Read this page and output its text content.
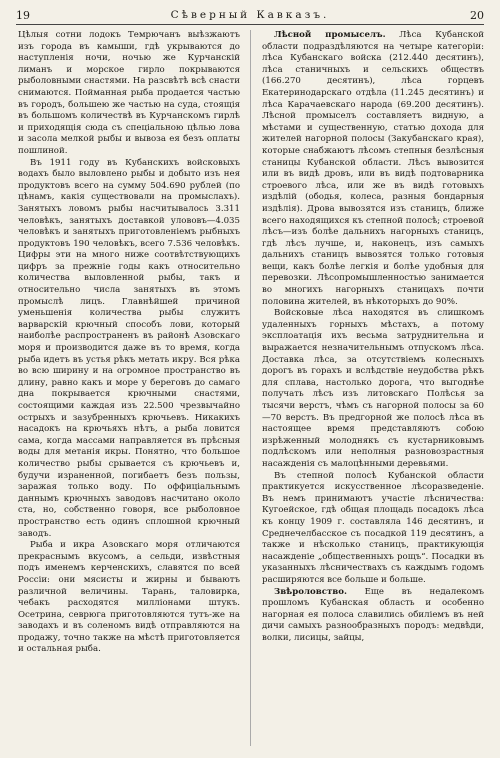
19	Сѣверный Кавказъ.	20

Цѣлыя сотни лодокъ Темрючанъ выѣзжаютъ изъ города въ камыши, гдѣ укрываются до наступленія ночи, ночью же Курчанскій лиманъ и морское гирло покрываются рыболовными снастями. На разсвѣтѣ всѣ снасти снимаются. Пойманная рыба продается частью въ городъ, большею же частью на суда, стоящія въ большомъ количествѣ въ Курчанскомъ гирлѣ и приходящія сюда съ спеціальною цѣлью лова и засола мелкой рыбы и вывоза ея безъ оплаты пошлиной.

Въ 1911 году въ Кубанскихъ войсковыхъ водахъ было выловлено рыбы и добыто изъ нея продуктовъ всего на сумму 504.690 рублей (по цѣнамъ, какія существовали на промыслахъ). Занятыхъ ловомъ рыбы насчитывалось 3.311 человѣкъ, занятыхъ доставкой улововъ—4.035 человѣкъ и занятыхъ приготовленіемъ рыбныхъ продуктовъ 190 человѣкъ, всего 7.536 человѣкъ. Цифры эти на много ниже соотвѣтствующихъ цифръ за прежніе годы какъ относительно количества выловленной рыбы, такъ и относительно числа занятыхъ въ этомъ промыслѣ лицъ. Главнѣйшей причиной уменьшенія количества рыбы служитъ варварскій крючный способъ лови, который наиболѣе распространенъ въ районѣ Азовскаго моря и производится даже въ то время, когда рыба идетъ въ устья рѣкъ метать икру. Вся рѣка во всю ширину и на огромное пространство въ длину, равно какъ и море у береговъ до самаго дна покрывается крючными снастями, состоящими каждая изъ 22.500 чрезвычайно острыхъ и зазубренныхъ крючьевъ. Никакихъ насадокъ на крючьяхъ нѣтъ, а рыба ловится сама, когда массами направляется въ прѣсныя воды для метанія икры. Понятно, что большое количество рыбы срывается съ крючьевъ и, будучи израненной, погибаетъ безъ пользы, заражая только воду. По оффиціальнымъ даннымъ крючныхъ заводовъ насчитано около ста, но, собственно говоря, все рыболовное пространство есть одинъ сплошной крючный заводъ.

Рыба и икра Азовскаго моря отличаются прекраснымъ вкусомъ, а сельди, извѣстныя подъ именемъ керченскихъ, славятся по всей Россіи: они мясисты и жирны и бываютъ различной величины. Тарань, таловирка, чебакъ расходятся милліонами штукъ. Осетрина, севрюга приготовляются тутъ-же на заводахъ и въ соленомъ видѣ отправляются на продажу, точно также на мѣстѣ приготовляется и остальная рыба.

Лѣсной промыселъ. Лѣса Кубанской области подраздѣляются на четыре категоріи: лѣса Кубанскаго войска (212.440 десятинъ), лѣса станичныхъ и сельскихъ обществъ (166.270 десятинъ), лѣса горцевъ Екатеринодарскаго отдѣла (11.245 десятинъ) и лѣса Карачаевскаго народа (69.200 десятинъ). Лѣсной промыселъ составляетъ видную, а мѣстами и существенную, статью дохода для жителей нагорной полосы (Закубанскаго края), которые снабжаютъ лѣсомъ степныя безлѣсныя станицы Кубанской области. Лѣсъ вывозится или въ видѣ дровъ, или въ видѣ подтоварника строевого лѣса, или же въ видѣ готовыхъ издѣлій (ободья, колеса, разныя бондарныя издѣлія). Дрова вывозятся изъ станицъ, ближе всего находящихся къ степной полосѣ; строевой лѣсъ—изъ болѣе дальнихъ нагорныхъ станицъ, гдѣ лѣсъ лучше, и, наконецъ, изъ самыхъ дальнихъ станицъ вывозятся только готовыя вещи, какъ болѣе легкія и болѣе удобныя для перевозки. Лѣсопромышленностью занимается во многихъ нагорныхъ станицахъ почти половина жителей, въ нѣкоторыхъ до 90%.

Войсковые лѣса находятся въ слишкомъ удаленныхъ горныхъ мѣстахъ, а потому эксплоатація ихъ весьма затруднительна и выражается незначительнымъ отпускомъ лѣса. Доставка лѣса, за отсутствіемъ колесныхъ дорогъ въ горахъ и вслѣдствіе неудобства рѣкъ для сплава, настолько дорога, что выгоднѣе получать лѣсъ изъ литовскаго Полѣсья за тысячи верстъ, чѣмъ съ нагорной полосы за 60—70 верстъ. Въ предгорной же полосѣ лѣса въ настоящее время представляютъ собою изрѣженный молоднякъ съ кустарниковымъ подлѣскомъ или неполныя разновозрастныя насажденія съ малоцѣнными деревьями.

Въ степной полосѣ Кубанской области практикуется искусственное лѣсоразведеніе. Въ немъ принимаютъ участіе лѣсничества: Кугоейское, гдѣ общая площадь посадокъ лѣса къ концу 1909 г. составляла 146 десятинъ, и Среднечелбасское съ посадкой 119 десятинъ, а также и нѣсколько станицъ, практикующія насажденіе „общественныхъ рощъ“. Посадки въ указанныхъ лѣсничествахъ съ каждымъ годомъ расширяются все больше и больше.

Звѣроловство. Еще въ недалекомъ прошломъ Кубанская область и особенно нагорная ея полоса славились обиліемъ въ ней дичи самыхъ разнообразныхъ породъ: медвѣди, волки, лисицы, зайцы,
